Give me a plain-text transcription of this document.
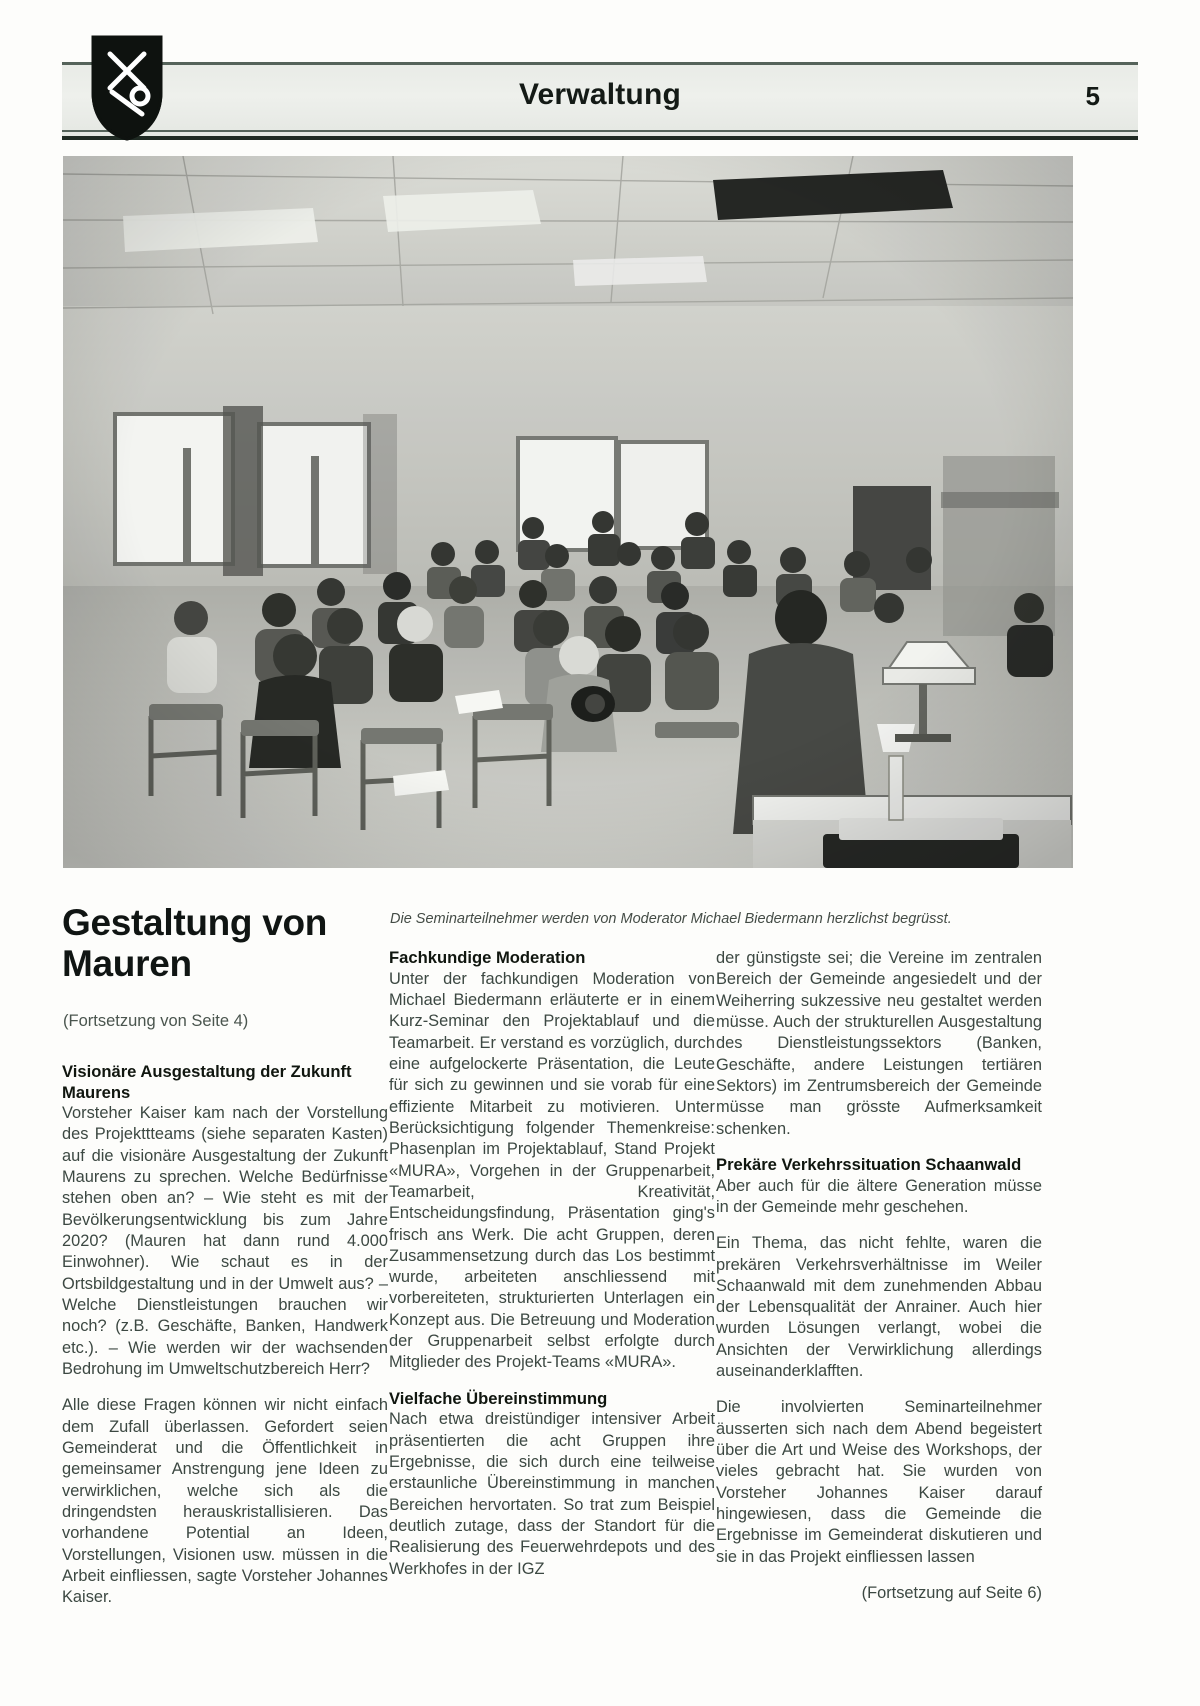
Verwaltung	5
Die Seminarteilnehmer werden von Moderator Michael Biedermann herzlichst begrüsst.
Gestaltung von Mauren
(Fortsetzung von Seite 4)
Visionäre Ausgestaltung der Zukunft Maurens

Vorsteher Kaiser kam nach der Vorstellung des Projekttteams (siehe separaten Kasten) auf die visionäre Ausgestaltung der Zukunft Maurens zu sprechen. Welche Bedürfnisse stehen oben an? – Wie steht es mit der Bevölkerungsentwicklung bis zum Jahre 2020? (Mauren hat dann rund 4.000 Einwohner). Wie schaut es in der Ortsbildgestaltung und in der Umwelt aus? – Welche Dienstleistungen brauchen wir noch? (z.B. Geschäfte, Banken, Handwerk etc.). – Wie werden wir der wachsenden Bedrohung im Umweltschutzbereich Herr?

Alle diese Fragen können wir nicht einfach dem Zufall überlassen. Gefordert seien Gemeinderat und die Öffentlichkeit in gemeinsamer Anstrengung jene Ideen zu verwirklichen, welche sich als die dringendsten herauskristallisieren. Das vorhandene Potential an Ideen, Vorstellungen, Visionen usw. müssen in die Arbeit einfliessen, sagte Vorsteher Johannes Kaiser.

Fachkundige Moderation

Unter der fachkundigen Moderation von Michael Biedermann erläuterte er in einem Kurz-Seminar den Projektablauf und die Teamarbeit. Er verstand es vorzüglich, durch eine aufgelockerte Präsentation, die Leute für sich zu gewinnen und sie vorab für eine effiziente Mitarbeit zu motivieren. Unter Berücksichtigung folgender Themenkreise: Phasenplan im Projektablauf, Stand Projekt «MURA», Vorgehen in der Gruppenarbeit, Teamarbeit, Kreativität, Entscheidungsfindung, Präsentation ging's frisch ans Werk. Die acht Gruppen, deren Zusammensetzung durch das Los bestimmt wurde, arbeiteten anschliessend mit vorbereiteten, strukturierten Unterlagen ein Konzept aus. Die Betreuung und Moderation der Gruppenarbeit selbst erfolgte durch Mitglieder des Projekt-Teams «MURA».

Vielfache Übereinstimmung

Nach etwa dreistündiger intensiver Arbeit präsentierten die acht Gruppen ihre Ergebnisse, die sich durch eine teilweise erstaunliche Übereinstimmung in manchen Bereichen hervortaten. So trat zum Beispiel deutlich zutage, dass der Standort für die Realisierung des Feuerwehrdepots und des Werkhofes in der IGZ

der günstigste sei; die Vereine im zentralen Bereich der Gemeinde angesiedelt und der Weiherring sukzessive neu gestaltet werden müsse. Auch der strukturellen Ausgestaltung des Dienstleistungssektors (Banken, Geschäfte, andere Leistungen tertiären Sektors) im Zentrumsbereich der Gemeinde müsse man grösste Aufmerksamkeit schenken.

Prekäre Verkehrssituation Schaanwald

Aber auch für die ältere Generation müsse in der Gemeinde mehr geschehen.

Ein Thema, das nicht fehlte, waren die prekären Verkehrsverhältnisse im Weiler Schaanwald mit dem zunehmenden Abbau der Lebensqualität der Anrainer. Auch hier wurden Lösungen verlangt, wobei die Ansichten der Verwirklichung allerdings auseinanderklafften.

Die involvierten Seminarteilnehmer äusserten sich nach dem Abend begeistert über die Art und Weise des Workshops, der vieles gebracht hat. Sie wurden von Vorsteher Johannes Kaiser darauf hingewiesen, dass die Gemeinde die Ergebnisse im Gemeinderat diskutieren und sie in das Projekt einfliessen lassen

(Fortsetzung auf Seite 6)
